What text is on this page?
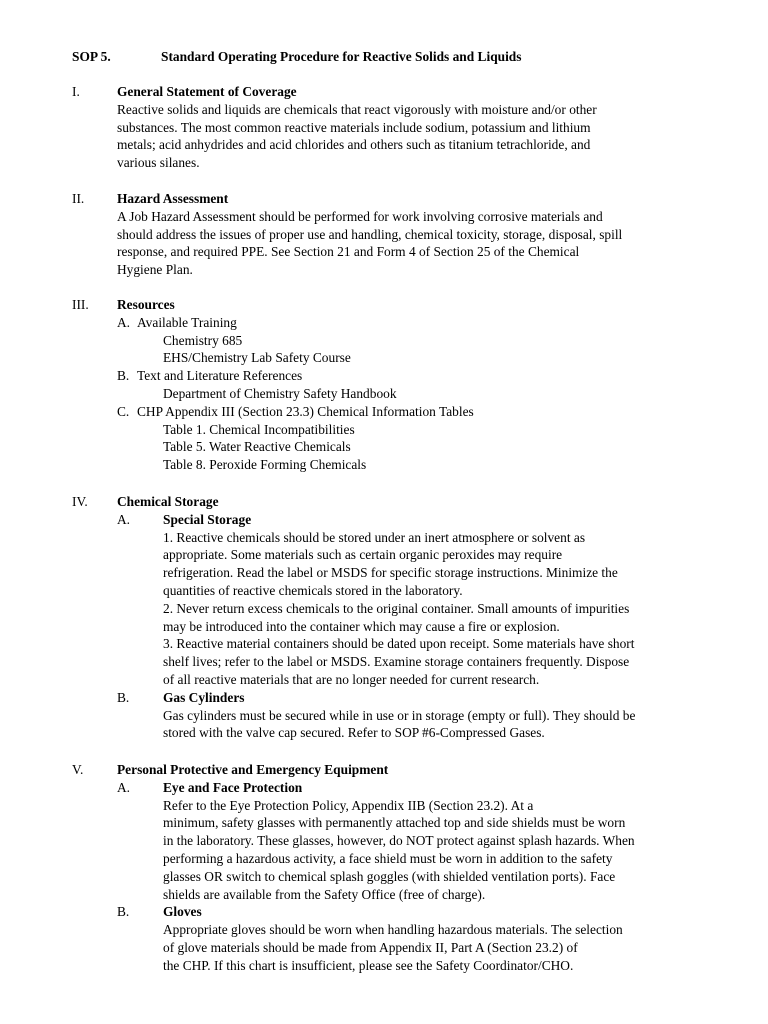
SOP 5.	Standard Operating Procedure for Reactive Solids and Liquids
I.	General Statement of Coverage
Reactive solids and liquids are chemicals that react vigorously with moisture and/or other
substances. The most common reactive materials include sodium, potassium and lithium
metals; acid anhydrides and acid chlorides and others such as titanium tetrachloride, and
various silanes.
II. Hazard Assessment
A Job Hazard Assessment should be performed for work involving corrosive materials and
should address the issues of proper use and handling, chemical toxicity, storage, disposal, spill
response, and required PPE. See Section 21 and Form 4 of Section 25 of the Chemical
Hygiene Plan.
III. Resources
A. Available Training
Chemistry 685
EHS/Chemistry Lab Safety Course
B. Text and Literature References
Department of Chemistry Safety Handbook
C. CHP Appendix III (Section 23.3) Chemical Information Tables
Table 1. Chemical Incompatibilities
Table 5. Water Reactive Chemicals
Table 8. Peroxide Forming Chemicals
IV. Chemical Storage
A. Special Storage
1. Reactive chemicals should be stored under an inert atmosphere or solvent as
appropriate. Some materials such as certain organic peroxides may require
refrigeration. Read the label or MSDS for specific storage instructions. Minimize the
quantities of reactive chemicals stored in the laboratory.
2. Never return excess chemicals to the original container. Small amounts of impurities
may be introduced into the container which may cause a fire or explosion.
3. Reactive material containers should be dated upon receipt. Some materials have short
shelf lives; refer to the label or MSDS. Examine storage containers frequently. Dispose
of all reactive materials that are no longer needed for current research.
B.	Gas Cylinders
Gas cylinders must be secured while in use or in storage (empty or full). They should be
stored with the valve cap secured. Refer to SOP #6-Compressed Gases.
V.	Personal Protective and Emergency Equipment
A. Eye and Face Protection
Refer to the Eye Protection Policy, Appendix IIB (Section 23.2). At a
minimum, safety glasses with permanently attached top and side shields must be worn
in the laboratory. These glasses, however, do NOT protect against splash hazards. When
performing a hazardous activity, a face shield must be worn in addition to the safety
glasses OR switch to chemical splash goggles (with shielded ventilation ports). Face
shields are available from the Safety Office (free of charge).
B.	Gloves
Appropriate gloves should be worn when handling hazardous materials. The selection
of glove materials should be made from Appendix II, Part A (Section 23.2) of
the CHP. If this chart is insufficient, please see the Safety Coordinator/CHO.
